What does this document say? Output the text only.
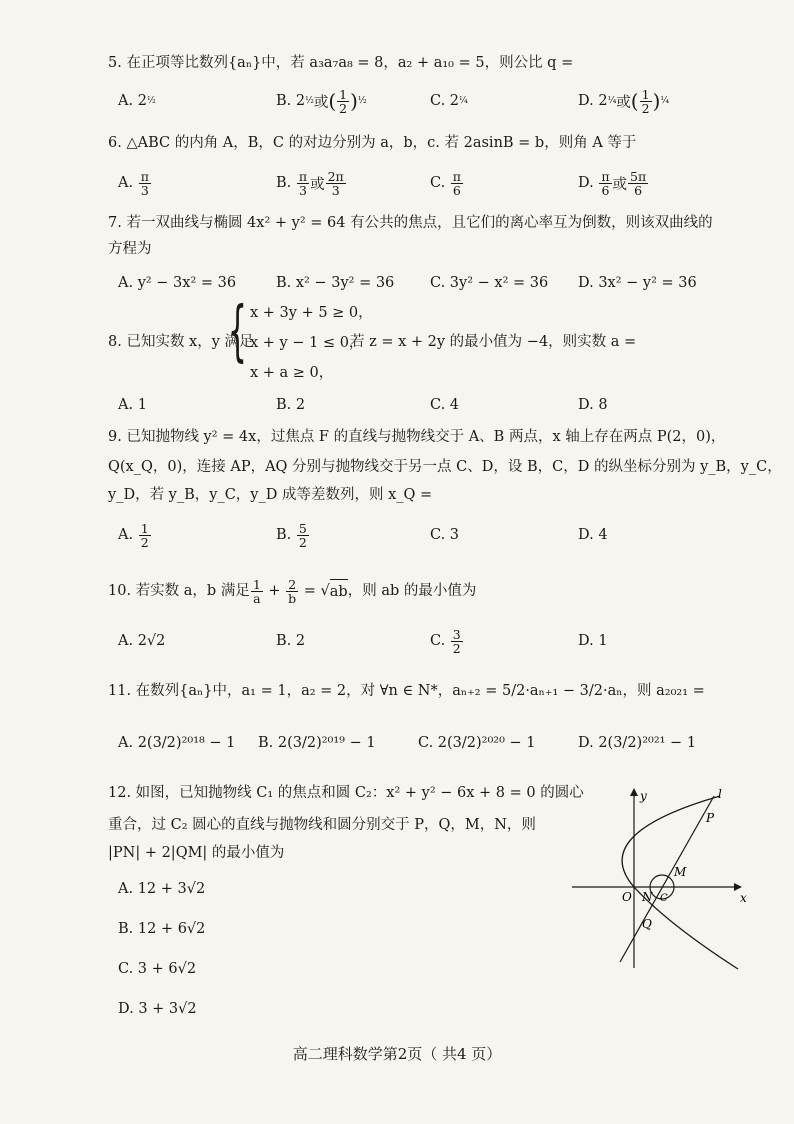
5. 在正项等比数列{aₙ}中，若 a₃a₇a₈ = 8，a₂ + a₁₀ = 5，则公比 q =
A. 2 ½	B. 2 ½ 或 ( $\frac{1}{2}$ ) ½	C. 2 ¼	D. 2 ¼ 或 ( $\frac{1}{2}$ ) ¼
6. △ABC 的内角 A，B，C 的对边分别为 a，b，c. 若 2asinB = b，则角 A 等于
A.
$\frac{\pi}{3}$	B.
$\frac{\pi}{3}$ 或 $\frac{2\pi}{3}$	C.
$\frac{\pi}{6}$	D.
$\frac{\pi}{6}$ 或 $\frac{5\pi}{6}$
7. 若一双曲线与椭圆 4x² + y² = 64 有公共的焦点，且它们的离心率互为倒数，则该双曲线的
方程为
A. y² − 3x² = 36	B. x² − 3y² = 36 C. 3y² − x² = 36 D. 3x² − y² = 36
8. 已知实数 x，y 满足
{ x + 3y + 5 ≥ 0，
x + y − 1 ≤ 0，
x + a ≥ 0，
若 z = x + 2y 的最小值为 −4，则实数 a =
A. 1	B. 2	C. 4	D. 8
9. 已知抛物线 y² = 4x，过焦点 F 的直线与抛物线交于 A、B 两点，x 轴上存在两点 P(2，0)，
Q(x_Q，0)，连接 AP，AQ 分别与抛物线交于另一点 C、D，设 B，C，D 的纵坐标分别为 y_B，y_C，
y_D，若 y_B，y_C，y_D 成等差数列，则 x_Q =
A.
$\frac{1}{2}$	B.
$\frac{5}{2}$	C. 3	D. 4
10. 若实数 a，b 满足 $\frac{1}{a} + \frac{2}{b}$ = √ ab ，则 ab 的最小值为
A. 2√2	B. 2	C.
$\frac{3}{2}$	D. 1
11. 在数列{aₙ}中，a₁ = 1，a₂ = 2，对 ∀n ∈ N*，aₙ₊₂ = 5/2·aₙ₊₁ − 3/2·aₙ，则 a₂₀₂₁ =
A. 2(3/2)²⁰¹⁸ − 1 B. 2(3/2)²⁰¹⁹ − 1	C. 2(3/2)²⁰²⁰ − 1	D. 2(3/2)²⁰²¹ − 1
12. 如图，已知抛物线 C₁ 的焦点和圆 C₂：x² + y² − 6x + 8 = 0 的圆心
重合，过 C₂ 圆心的直线与抛物线和圆分别交于 P，Q，M，N，则
|PN| + 2|QM| 的最小值为
A. 12 + 3√2
B. 12 + 6√2
C. 3 + 6√2
D. 3 + 3√2
y
x
l
P
M
O N C
Q
高二理科数学第2页（ 共4 页）
